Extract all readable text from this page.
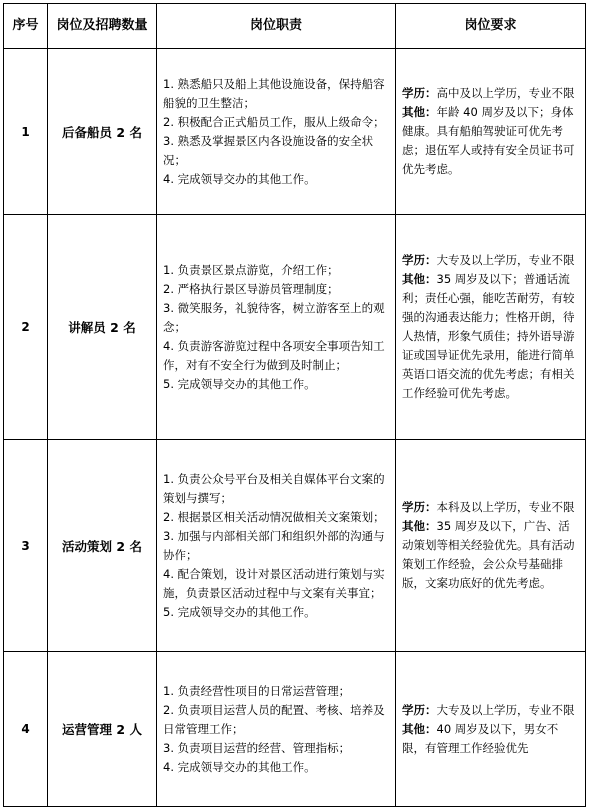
序号	岗位及招聘数量	岗位职责	岗位要求
1	后备船员 2 名	1. 熟悉船只及船上其他设施设备，保持船容船貌的卫生整洁；
2. 积极配合正式船员工作，服从上级命令；
3. 熟悉及掌握景区内各设施设备的安全状况；
4. 完成领导交办的其他工作。	学历：高中及以上学历，专业不限
其他：年龄 40 周岁及以下；身体健康。具有船舶驾驶证可优先考虑；退伍军人或持有安全员证书可优先考虑。

2	讲解员 2 名	1. 负责景区景点游览，介绍工作；
2. 严格执行景区导游员管理制度；
3. 微笑服务，礼貌待客，树立游客至上的观念；
4. 负责游客游览过程中各项安全事项告知工作，对有不安全行为做到及时制止；
5. 完成领导交办的其他工作。	学历：大专及以上学历，专业不限
其他：35 周岁及以下；普通话流利；责任心强，能吃苦耐劳，有较强的沟通表达能力；性格开朗，待人热情，形象气质佳；持外语导游证或国导证优先录用，能进行简单英语口语交流的优先考虑；有相关工作经验可优先考虑。

3	活动策划 2 名	1. 负责公众号平台及相关自媒体平台文案的策划与撰写；
2. 根据景区相关活动情况做相关文案策划；
3. 加强与内部相关部门和组织外部的沟通与协作；
4. 配合策划，设计对景区活动进行策划与实施，负责景区活动过程中与文案有关事宜；
5. 完成领导交办的其他工作。	学历：本科及以上学历，专业不限
其他：35 周岁及以下，广告、活动策划等相关经验优先。具有活动策划工作经验，会公众号基础排版，文案功底好的优先考虑。

4	运营管理 2 人	1. 负责经营性项目的日常运营管理；
2. 负责项目运营人员的配置、考核、培养及日常管理工作；
3. 负责项目运营的经营、管理指标；
4. 完成领导交办的其他工作。	学历：大专及以上学历，专业不限
其他：40 周岁及以下，男女不限，有管理工作经验优先
